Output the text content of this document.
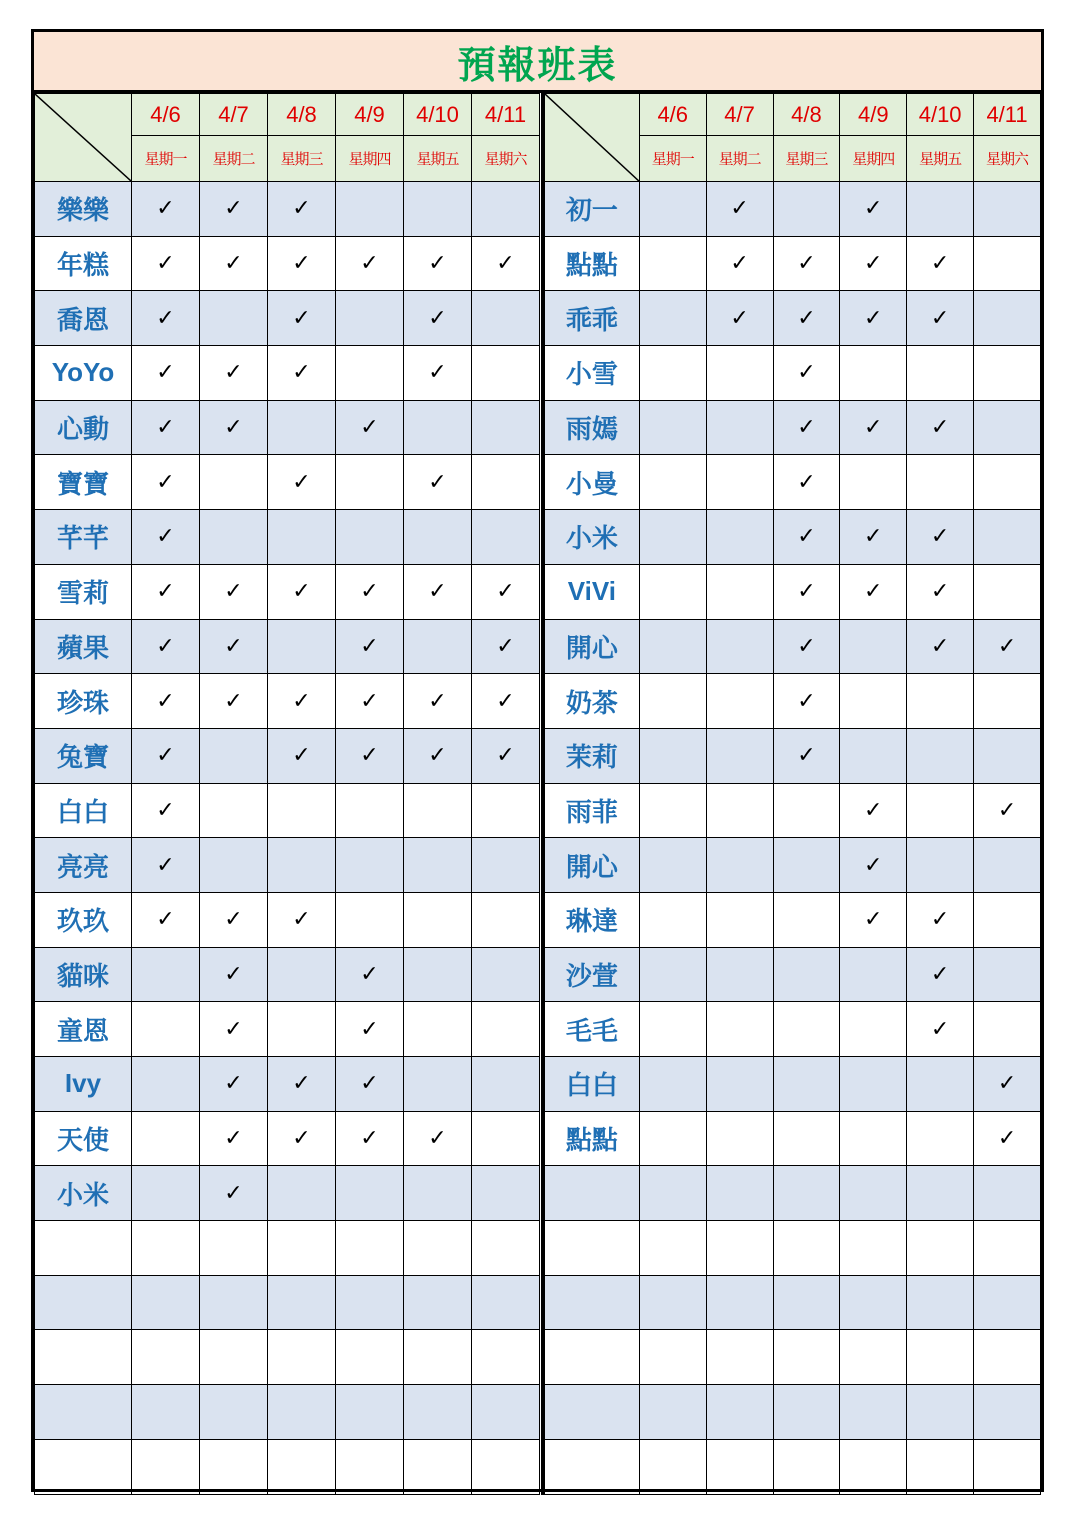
預報班表
	4/6	4/7	4/8	4/9	4/10	4/11
	星期一	星期二	星期三	星期四	星期五	星期六
樂樂	✓	✓	✓			
年糕	✓	✓	✓	✓	✓	✓
喬恩	✓		✓		✓	
YoYo	✓	✓	✓		✓	
心動	✓	✓		✓		
寶寶	✓		✓		✓	
芊芊	✓					
雪莉	✓	✓	✓	✓	✓	✓
蘋果	✓	✓		✓		✓
珍珠	✓	✓	✓	✓	✓	✓
兔寶	✓		✓	✓	✓	✓
白白	✓					
亮亮	✓					
玖玖	✓	✓	✓			
貓咪		✓		✓		
童恩		✓		✓		
Ivy		✓	✓	✓		
天使		✓	✓	✓	✓	
小米		✓				

	4/6	4/7	4/8	4/9	4/10	4/11
	星期一	星期二	星期三	星期四	星期五	星期六
初一		✓		✓		
點點		✓	✓	✓	✓	
乖乖		✓	✓	✓	✓	
小雪			✓			
雨嫣			✓	✓	✓	
小曼			✓			
小米			✓	✓	✓	
ViVi			✓	✓	✓	
開心			✓		✓	✓
奶茶			✓			
茉莉			✓			
雨菲				✓		✓
開心				✓		
琳達				✓	✓	
沙萱					✓	
毛毛					✓	
白白						✓
點點						✓
